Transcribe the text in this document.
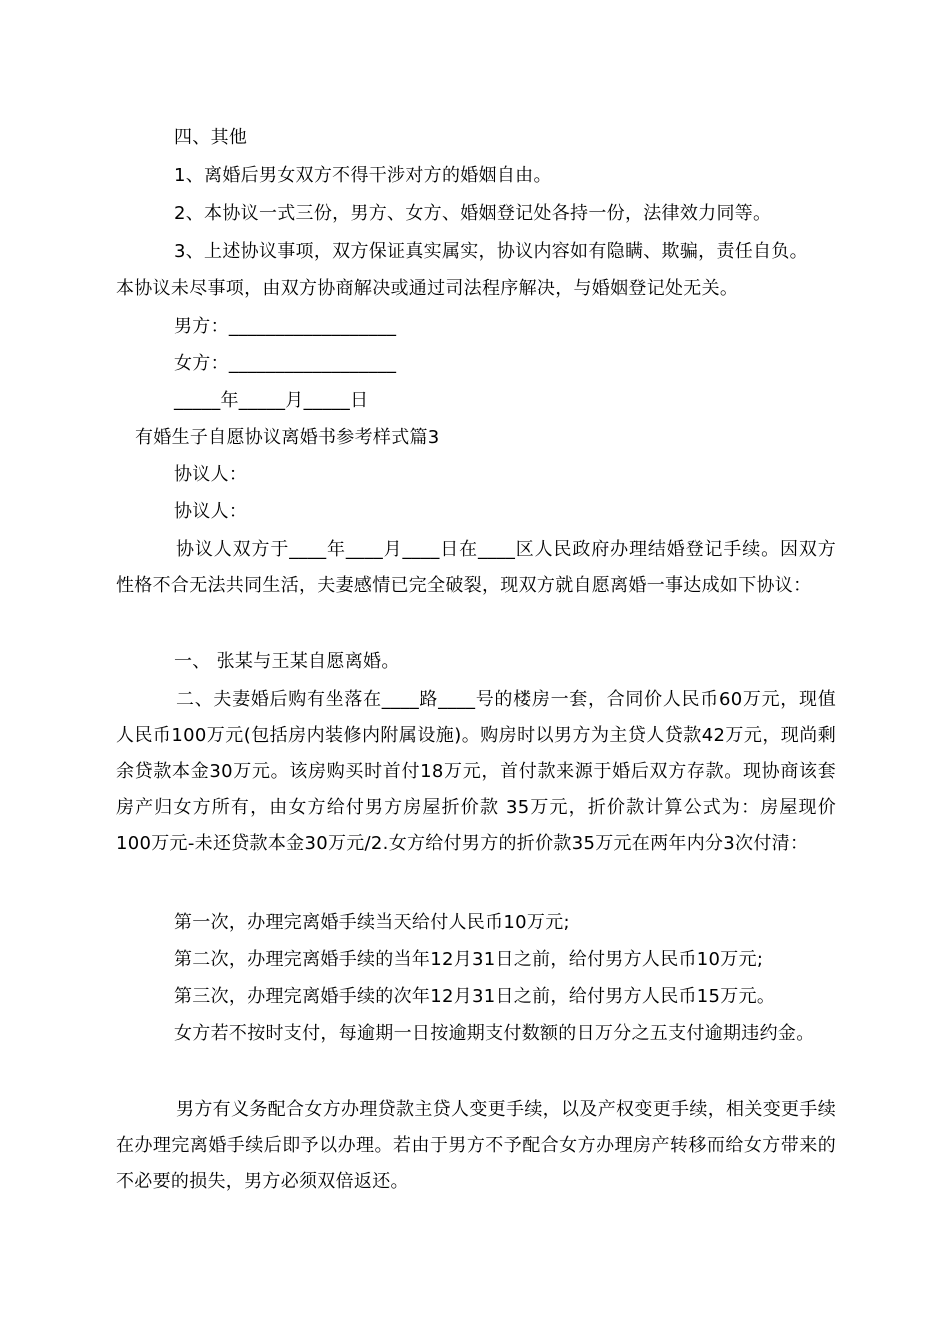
四、其他
1、离婚后男女双方不得干涉对方的婚姻自由。
2、本协议一式三份，男方、女方、婚姻登记处各持一份，法律效力同等。
3、上述协议事项，双方保证真实属实，协议内容如有隐瞒、欺骗，责任自负。
本协议未尽事项，由双方协商解决或通过司法程序解决，与婚姻登记处无关。
男方：__________________
女方：__________________
_____年_____月_____日
有婚生子自愿协议离婚书参考样式篇3
协议人：
协议人：
协议人双方于____年____月____日在____区人民政府办理结婚登记手续。因双方性格不合无法共同生活，夫妻感情已完全破裂，现双方就自愿离婚一事达成如下协议：
一、 张某与王某自愿离婚。
二、夫妻婚后购有坐落在____路____号的楼房一套，合同价人民币60万元，现值人民币100万元(包括房内装修内附属设施)。购房时以男方为主贷人贷款42万元，现尚剩余贷款本金30万元。该房购买时首付18万元，首付款来源于婚后双方存款。现协商该套房产归女方所有，由女方给付男方房屋折价款 35万元，折价款计算公式为：房屋现价100万元-未还贷款本金30万元/2.女方给付男方的折价款35万元在两年内分3次付清：
第一次，办理完离婚手续当天给付人民币10万元;
第二次，办理完离婚手续的当年12月31日之前，给付男方人民币10万元;
第三次，办理完离婚手续的次年12月31日之前，给付男方人民币15万元。
女方若不按时支付，每逾期一日按逾期支付数额的日万分之五支付逾期违约金。
男方有义务配合女方办理贷款主贷人变更手续，以及产权变更手续，相关变更手续在办理完离婚手续后即予以办理。若由于男方不予配合女方办理房产转移而给女方带来的不必要的损失，男方必须双倍返还。
